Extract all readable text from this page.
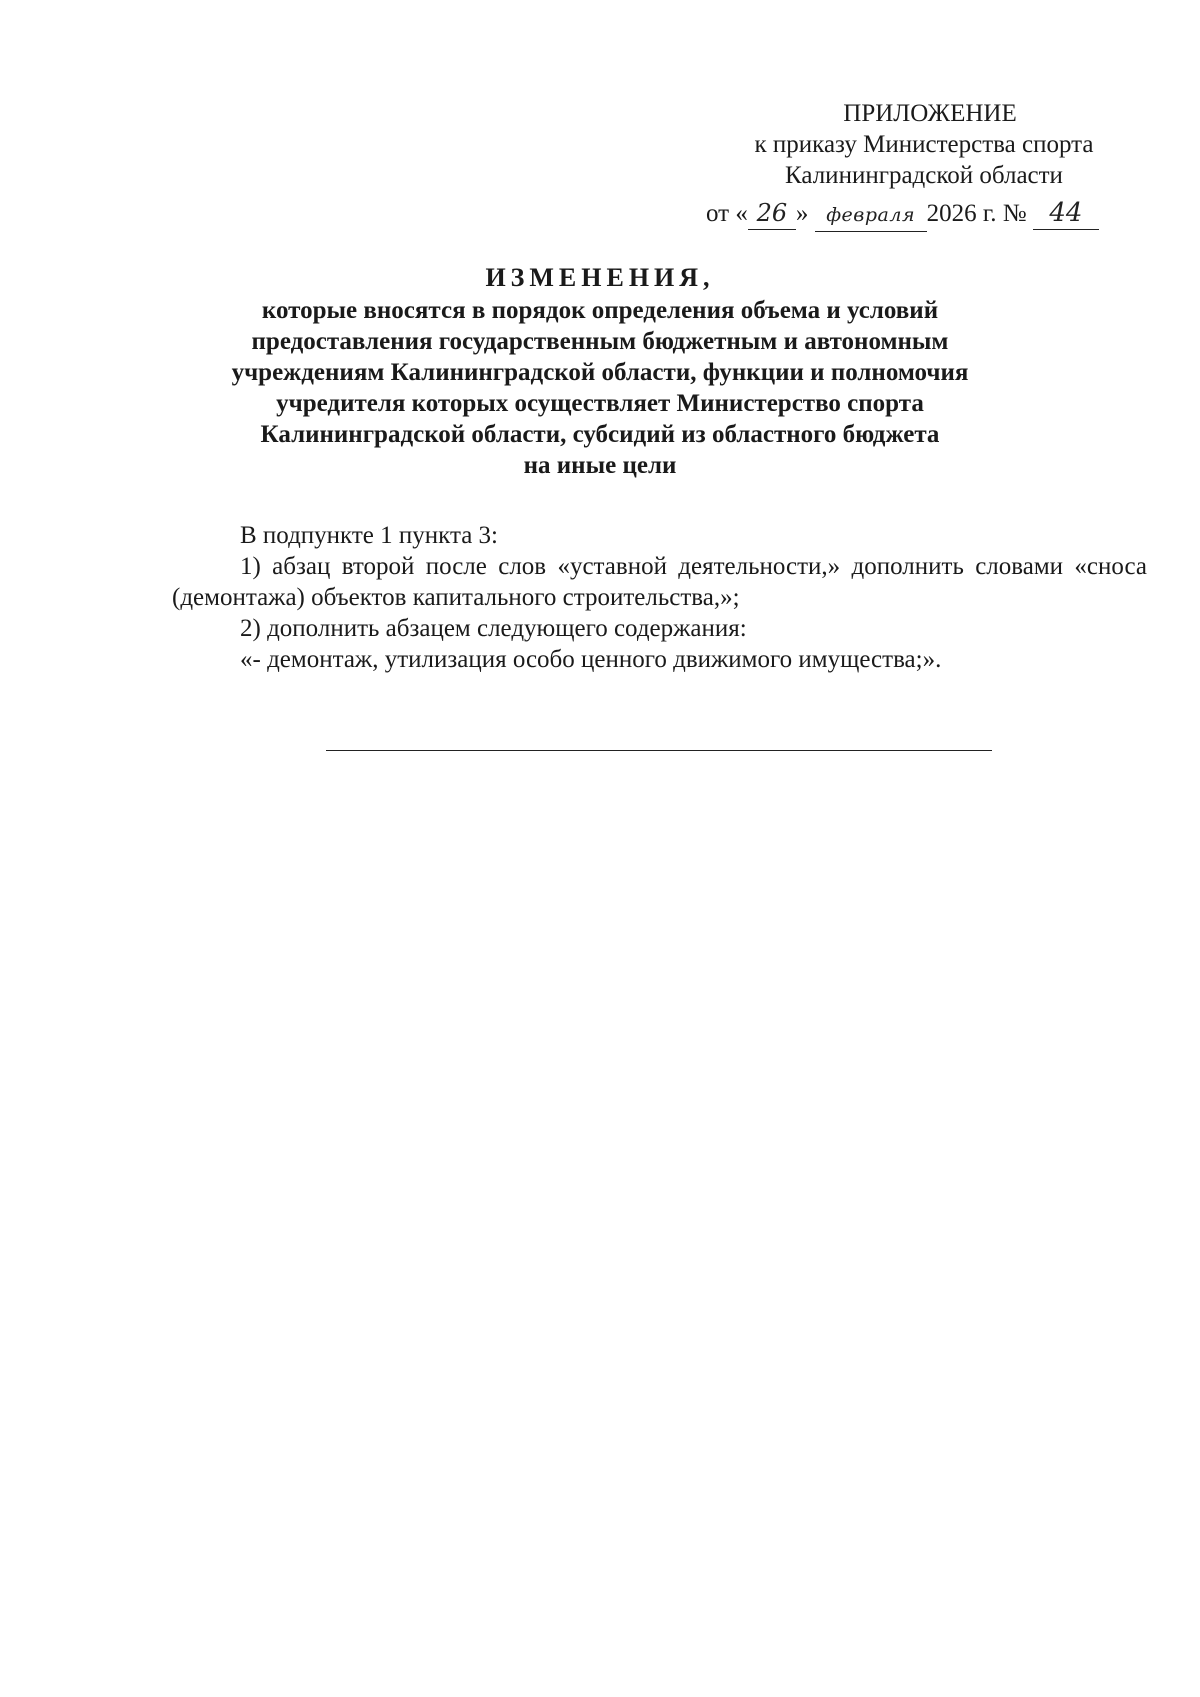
ПРИЛОЖЕНИЕ
к приказу Министерства спорта
Калининградской области
от « 26 » февраля 2026 г. № 44
ИЗМЕНЕНИЯ,
которые вносятся в порядок определения объема и условий
предоставления государственным бюджетным и автономным
учреждениям Калининградской области, функции и полномочия
учредителя которых осуществляет Министерство спорта
Калининградской области, субсидий из областного бюджета
на иные цели

В подпункте 1 пункта 3:

1) абзац второй после слов «уставной деятельности,» дополнить словами «сноса (демонтажа) объектов капитального строительства,»;

2) дополнить абзацем следующего содержания:

«- демонтаж, утилизация особо ценного движимого имущества;».
